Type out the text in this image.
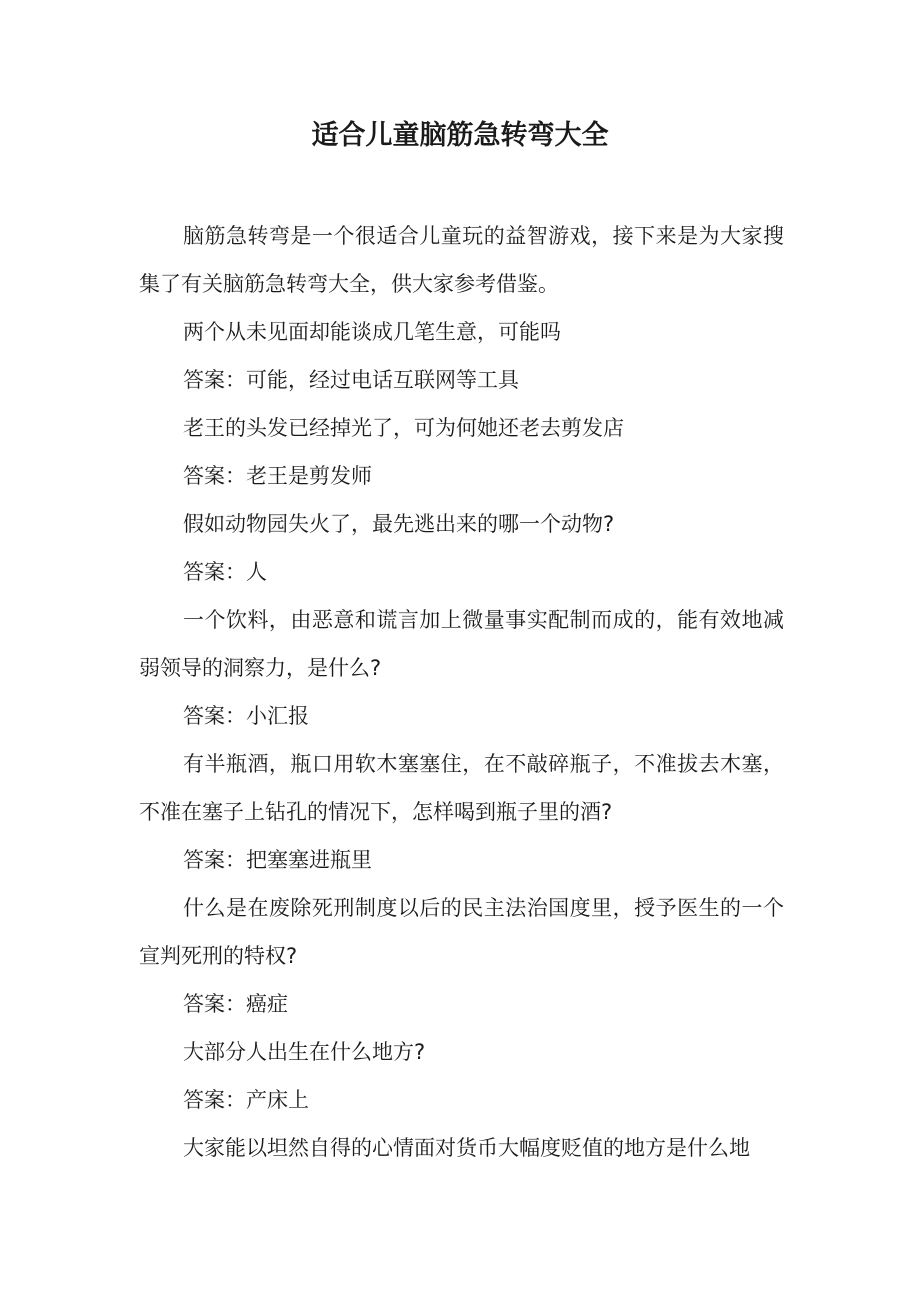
适合儿童脑筋急转弯大全

脑筋急转弯是一个很适合儿童玩的益智游戏，接下来是为大家搜集了有关脑筋急转弯大全，供大家参考借鉴。

两个从未见面却能谈成几笔生意，可能吗

答案：可能，经过电话互联网等工具

老王的头发已经掉光了，可为何她还老去剪发店

答案：老王是剪发师

假如动物园失火了，最先逃出来的哪一个动物?

答案：人

一个饮料，由恶意和谎言加上微量事实配制而成的，能有效地减弱领导的洞察力，是什么?

答案：小汇报

有半瓶酒，瓶口用软木塞塞住，在不敲碎瓶子，不准拔去木塞，不准在塞子上钻孔的情况下，怎样喝到瓶子里的酒?

答案：把塞塞进瓶里

什么是在废除死刑制度以后的民主法治国度里，授予医生的一个宣判死刑的特权?

答案：癌症

大部分人出生在什么地方?

答案：产床上

大家能以坦然自得的心情面对货币大幅度贬值的地方是什么地
